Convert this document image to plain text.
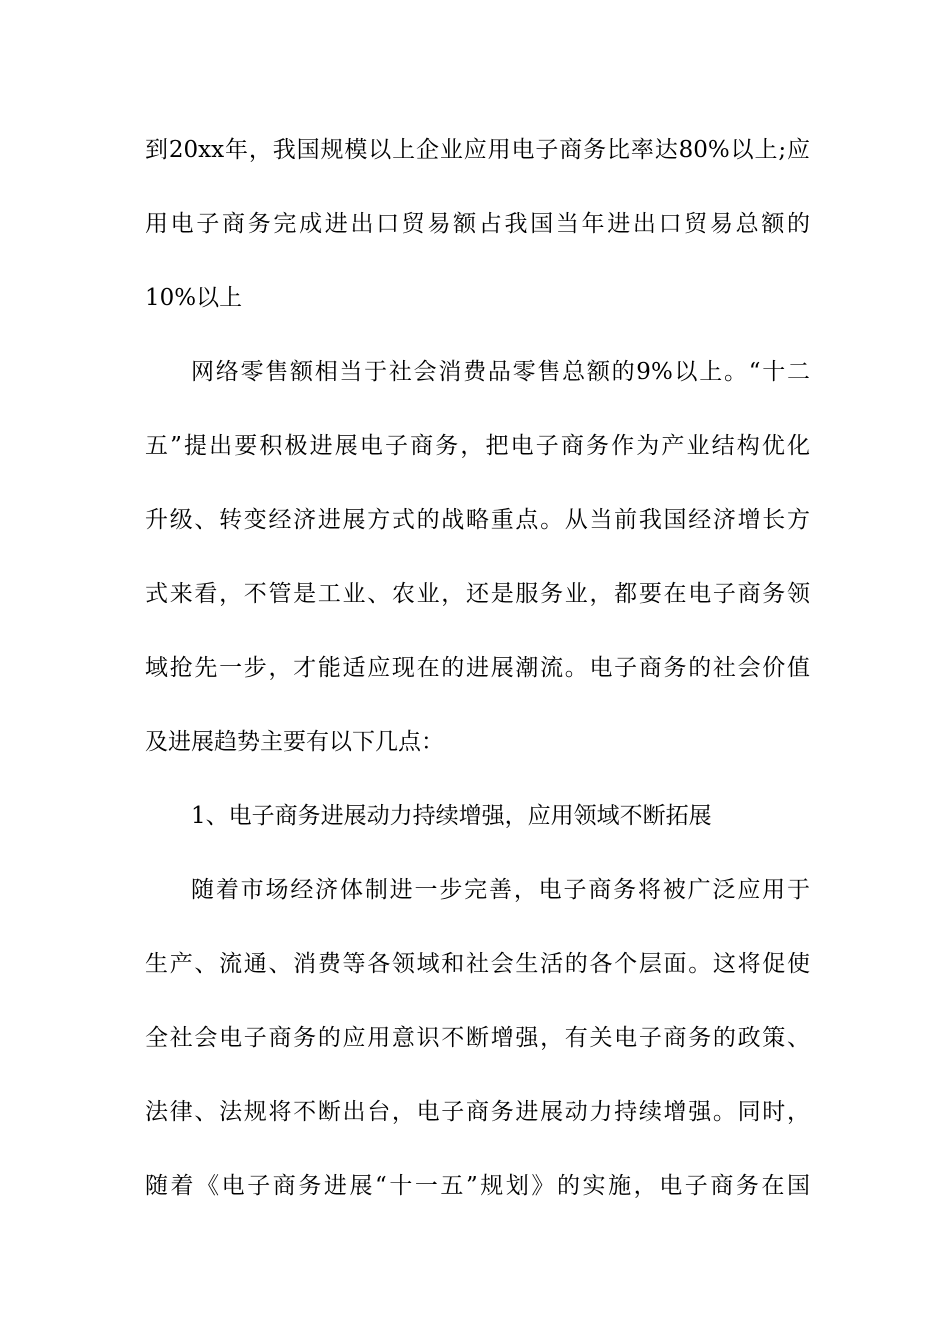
到20xx年，我国规模以上企业应用电子商务比率达80%以上;应
用电子商务完成进出口贸易额占我国当年进出口贸易总额的
10%以上
网络零售额相当于社会消费品零售总额的9%以上。“十二
五”提出要积极进展电子商务，把电子商务作为产业结构优化
升级、转变经济进展方式的战略重点。从当前我国经济增长方
式来看，不管是工业、农业，还是服务业，都要在电子商务领
域抢先一步，才能适应现在的进展潮流。电子商务的社会价值
及进展趋势主要有以下几点：
1、电子商务进展动力持续增强，应用领域不断拓展
随着市场经济体制进一步完善，电子商务将被广泛应用于
生产、流通、消费等各领域和社会生活的各个层面。这将促使
全社会电子商务的应用意识不断增强，有关电子商务的政策、
法律、法规将不断出台，电子商务进展动力持续增强。同时，
随着《电子商务进展“十一五”规划》的实施，电子商务在国
